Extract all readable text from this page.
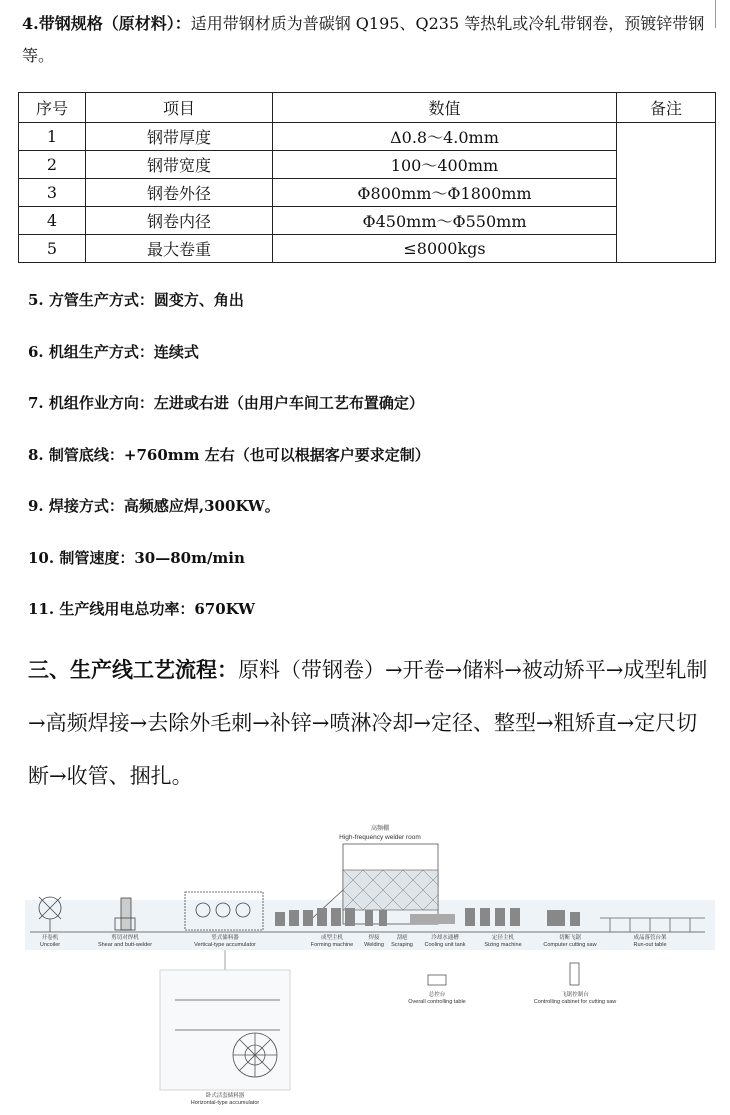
4.带钢规格（原材料）：适用带钢材质为普碳钢 Q195、Q235 等热轧或冷轧带钢卷，预镀锌带钢等。
序号	项目	数值	备注
1	钢带厚度	Δ0.8～4.0mm	
2	钢带宽度	100～400mm	
3	钢卷外径	Φ800mm～Φ1800mm	
4	钢卷内径	Φ450mm～Φ550mm	
5	最大卷重	≤8000kgs	
5. 方管生产方式：圆变方、角出
6. 机组生产方式：连续式
7. 机组作业方向：左进或右进（由用户车间工艺布置确定）
8. 制管底线：+760mm 左右（也可以根据客户要求定制）
9. 焊接方式：高频感应焊,300KW。
10. 制管速度：30—80m/min
11. 生产线用电总功率：670KW
三、生产线工艺流程：原料（带钢卷）→开卷→储料→被动矫平→成型轧制→高频焊接→去除外毛刺→补锌→喷淋冷却→定径、整型→粗矫直→定尺切断→收管、捆扎。
高频棚
High-frequency welder room
开卷机
Uncoiler
剪切对焊机
Shear and butt-welder
竖式储料器
Vertical-type accumulator
成型主机
Forming machine
焊接
Welding
刮疤
Scraping
冷却水通槽
Cooling unit tank
定径主机
Sizing machine
切断飞锯
Computer cutting saw
成品落管台架
Run-out table
总控台
Overall controlling table
飞锯控制台
Controlling cabinet for cutting saw
卧式活套储料器
Horizontal-type accumulator
